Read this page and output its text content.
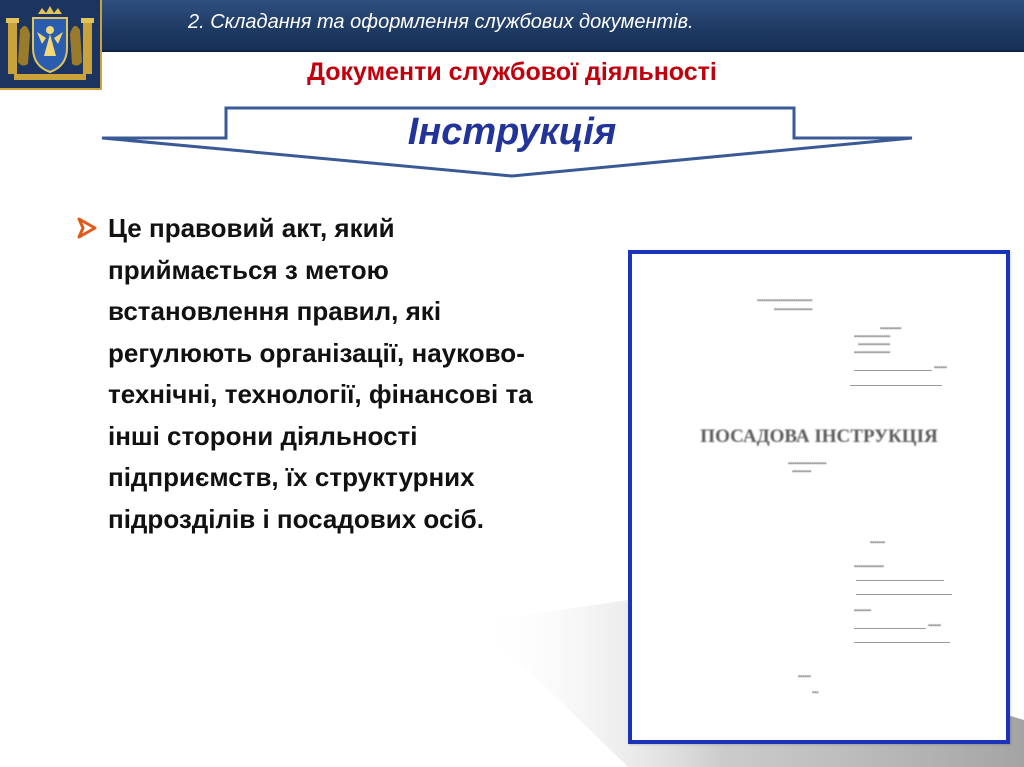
2. Складання та оформлення службових документів.
Документи службової діяльності
Інструкція
Це правовий акт, який приймається з метою встановлення правил, які регулюють організації, науково-технічні, технології, фінансові та інші сторони діяльності підприємств, їх структурних підрозділів і посадових осіб.
▪▪▪▪▪▪▪▪▪▪▪▪▪▪▪▪▪▪▪▪▪▪▪▪▪▪
▪▪▪▪▪▪▪▪▪▪▪▪▪▪▪▪▪▪
▪▪▪▪▪▪▪▪▪▪
▪▪▪▪▪▪▪▪▪▪▪▪▪▪▪▪▪
▪▪▪▪▪▪▪▪▪▪▪▪▪▪▪
▪▪▪▪▪▪▪▪▪▪▪▪▪▪▪▪▪
▪▪▪▪▪▪
ПОСАДОВА ІНСТРУКЦІЯ
▪▪▪▪▪▪▪▪▪▪▪▪▪▪▪▪▪▪
▪▪▪▪▪▪▪▪▪
▪▪▪▪▪▪▪
▪▪▪▪▪▪▪▪▪▪▪▪▪▪
▪▪▪▪▪▪▪▪
▪▪▪▪▪▪
▪▪▪▪▪▪
▪▪▪
